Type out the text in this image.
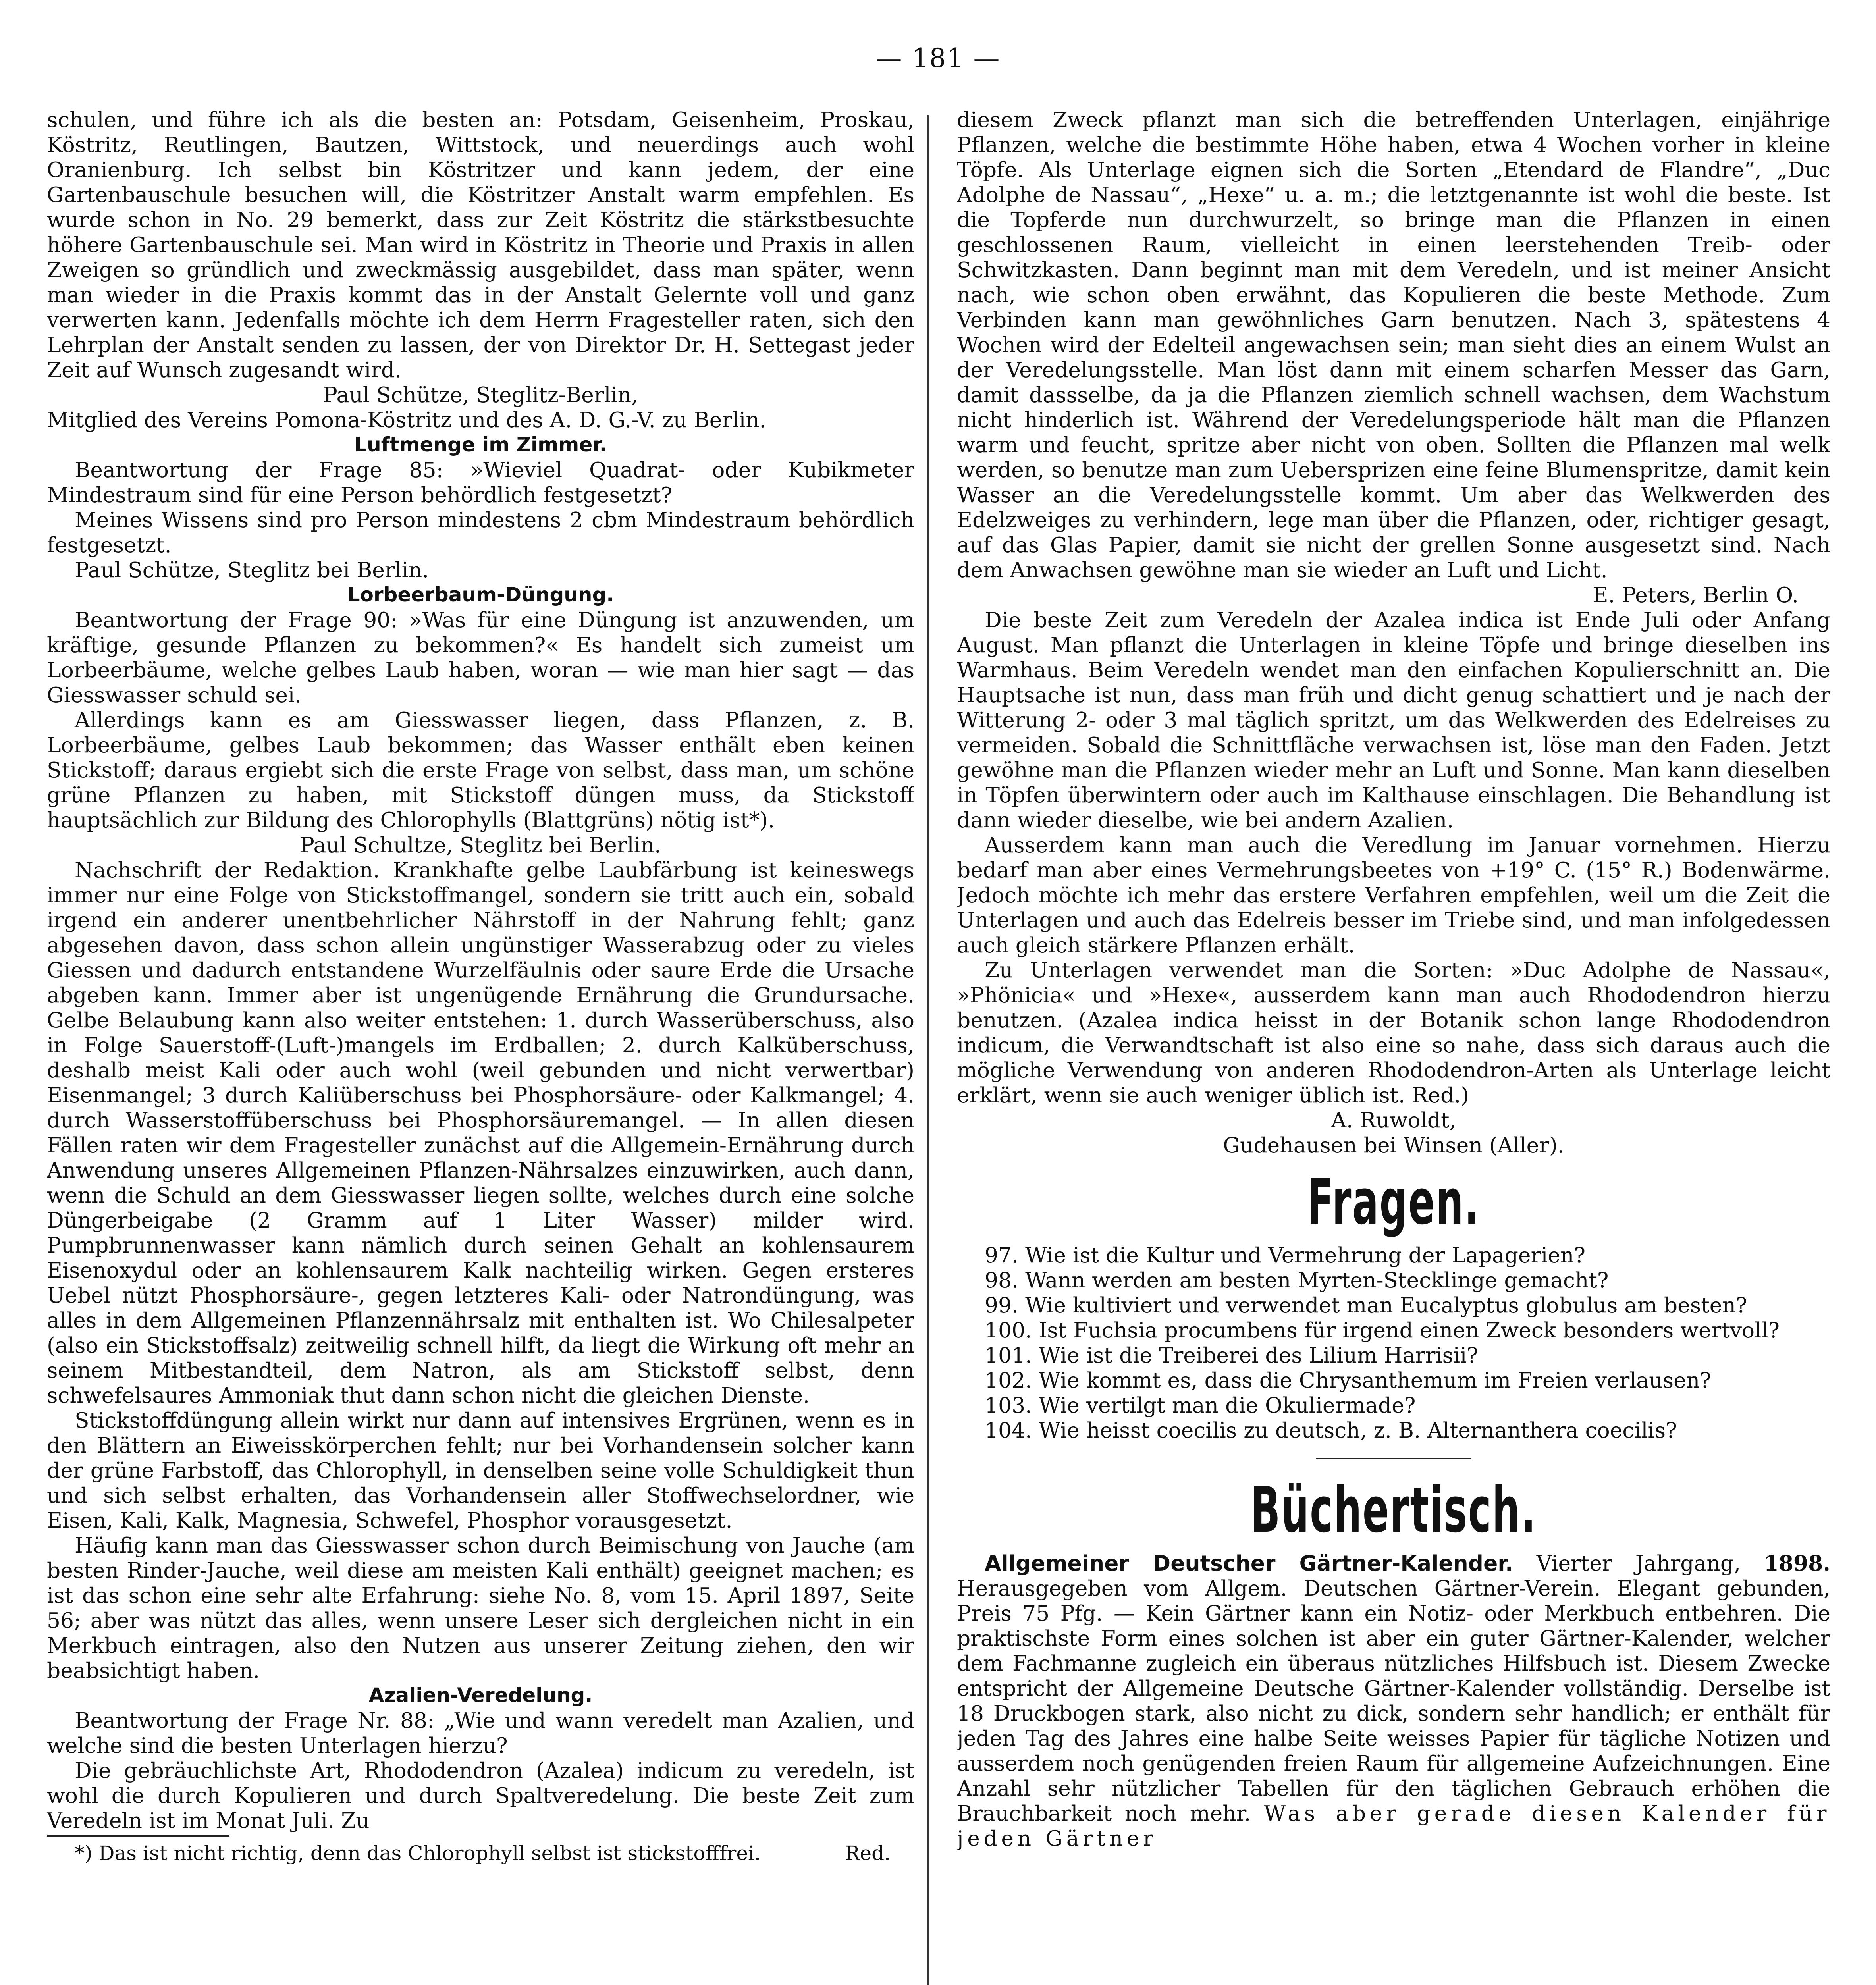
— 181 —

schulen, und führe ich als die besten an: Potsdam, Geisenheim, Proskau, Köstritz, Reutlingen, Bautzen, Wittstock, und neuerdings auch wohl Oranienburg. Ich selbst bin Köstritzer und kann jedem, der eine Gartenbauschule besuchen will, die Köstritzer Anstalt warm empfehlen. Es wurde schon in No. 29 bemerkt, dass zur Zeit Köstritz die stärkstbesuchte höhere Gartenbauschule sei. Man wird in Köstritz in Theorie und Praxis in allen Zweigen so gründlich und zweckmässig ausgebildet, dass man später, wenn man wieder in die Praxis kommt das in der Anstalt Gelernte voll und ganz verwerten kann. Jedenfalls möchte ich dem Herrn Fragesteller raten, sich den Lehrplan der Anstalt senden zu lassen, der von Direktor Dr. H. Settegast jeder Zeit auf Wunsch zugesandt wird.

Paul Schütze, Steglitz-Berlin,

Mitglied des Vereins Pomona-Köstritz und des A. D. G.-V. zu Berlin.

Luftmenge im Zimmer.

Beantwortung der Frage 85: »Wieviel Quadrat- oder Kubikmeter Mindestraum sind für eine Person behördlich festgesetzt?

Meines Wissens sind pro Person mindestens 2 cbm Mindestraum behördlich festgesetzt.

Paul Schütze, Steglitz bei Berlin.

Lorbeerbaum-Düngung.

Beantwortung der Frage 90: »Was für eine Düngung ist anzuwenden, um kräftige, gesunde Pflanzen zu bekommen?« Es handelt sich zumeist um Lorbeerbäume, welche gelbes Laub haben, woran — wie man hier sagt — das Giesswasser schuld sei.

Allerdings kann es am Giesswasser liegen, dass Pflanzen, z. B. Lorbeerbäume, gelbes Laub bekommen; das Wasser enthält eben keinen Stickstoff; daraus ergiebt sich die erste Frage von selbst, dass man, um schöne grüne Pflanzen zu haben, mit Stickstoff düngen muss, da Stickstoff hauptsächlich zur Bildung des Chlorophylls (Blattgrüns) nötig ist*).

Paul Schultze, Steglitz bei Berlin.

Nachschrift der Redaktion. Krankhafte gelbe Laubfärbung ist keineswegs immer nur eine Folge von Stickstoffmangel, sondern sie tritt auch ein, sobald irgend ein anderer unentbehrlicher Nährstoff in der Nahrung fehlt; ganz abgesehen davon, dass schon allein ungünstiger Wasserabzug oder zu vieles Giessen und dadurch entstandene Wurzelfäulnis oder saure Erde die Ursache abgeben kann. Immer aber ist ungenügende Ernährung die Grundursache. Gelbe Belaubung kann also weiter entstehen: 1. durch Wasserüberschuss, also in Folge Sauerstoff-(Luft-)mangels im Erdballen; 2. durch Kalküberschuss, deshalb meist Kali oder auch wohl (weil gebunden und nicht verwertbar) Eisenmangel; 3 durch Kaliüberschuss bei Phosphorsäure- oder Kalkmangel; 4. durch Wasserstoffüberschuss bei Phosphorsäuremangel. — In allen diesen Fällen raten wir dem Fragesteller zunächst auf die Allgemein-Ernährung durch Anwendung unseres Allgemeinen Pflanzen-Nährsalzes einzuwirken, auch dann, wenn die Schuld an dem Giesswasser liegen sollte, welches durch eine solche Düngerbeigabe (2 Gramm auf 1 Liter Wasser) milder wird. Pumpbrunnenwasser kann nämlich durch seinen Gehalt an kohlensaurem Eisenoxydul oder an kohlensaurem Kalk nachteilig wirken. Gegen ersteres Uebel nützt Phosphorsäure-, gegen letzteres Kali- oder Natrondüngung, was alles in dem Allgemeinen Pflanzennährsalz mit enthalten ist. Wo Chilesalpeter (also ein Stickstoffsalz) zeitweilig schnell hilft, da liegt die Wirkung oft mehr an seinem Mitbestandteil, dem Natron, als am Stickstoff selbst, denn schwefelsaures Ammoniak thut dann schon nicht die gleichen Dienste.

Stickstoffdüngung allein wirkt nur dann auf intensives Ergrünen, wenn es in den Blättern an Eiweisskörperchen fehlt; nur bei Vorhandensein solcher kann der grüne Farbstoff, das Chlorophyll, in denselben seine volle Schuldigkeit thun und sich selbst erhalten, das Vorhandensein aller Stoffwechselordner, wie Eisen, Kali, Kalk, Magnesia, Schwefel, Phosphor vorausgesetzt.

Häufig kann man das Giesswasser schon durch Beimischung von Jauche (am besten Rinder-Jauche, weil diese am meisten Kali enthält) geeignet machen; es ist das schon eine sehr alte Erfahrung: siehe No. 8, vom 15. April 1897, Seite 56; aber was nützt das alles, wenn unsere Leser sich dergleichen nicht in ein Merkbuch eintragen, also den Nutzen aus unserer Zeitung ziehen, den wir beabsichtigt haben.

Azalien-Veredelung.

Beantwortung der Frage Nr. 88: „Wie und wann veredelt man Azalien, und welche sind die besten Unterlagen hierzu?

Die gebräuchlichste Art, Rhododendron (Azalea) indicum zu veredeln, ist wohl die durch Kopulieren und durch Spaltveredelung. Die beste Zeit zum Veredeln ist im Monat Juli. Zu

*) Das ist nicht richtig, denn das Chlorophyll selbst ist stickstofffrei.	Red.

diesem Zweck pflanzt man sich die betreffenden Unterlagen, einjährige Pflanzen, welche die bestimmte Höhe haben, etwa 4 Wochen vorher in kleine Töpfe. Als Unterlage eignen sich die Sorten „Etendard de Flandre“, „Duc Adolphe de Nassau“, „Hexe“ u. a. m.; die letztgenannte ist wohl die beste. Ist die Topferde nun durchwurzelt, so bringe man die Pflanzen in einen geschlossenen Raum, vielleicht in einen leerstehenden Treib- oder Schwitzkasten. Dann beginnt man mit dem Veredeln, und ist meiner Ansicht nach, wie schon oben erwähnt, das Kopulieren die beste Methode. Zum Verbinden kann man gewöhnliches Garn benutzen. Nach 3, spätestens 4 Wochen wird der Edelteil angewachsen sein; man sieht dies an einem Wulst an der Veredelungsstelle. Man löst dann mit einem scharfen Messer das Garn, damit dassselbe, da ja die Pflanzen ziemlich schnell wachsen, dem Wachstum nicht hinderlich ist. Während der Veredelungsperiode hält man die Pflanzen warm und feucht, spritze aber nicht von oben. Sollten die Pflanzen mal welk werden, so benutze man zum Uebersprizen eine feine Blumenspritze, damit kein Wasser an die Veredelungsstelle kommt. Um aber das Welkwerden des Edelzweiges zu verhindern, lege man über die Pflanzen, oder, richtiger gesagt, auf das Glas Papier, damit sie nicht der grellen Sonne ausgesetzt sind. Nach dem Anwachsen gewöhne man sie wieder an Luft und Licht.

E. Peters, Berlin O.

Die beste Zeit zum Veredeln der Azalea indica ist Ende Juli oder Anfang August. Man pflanzt die Unterlagen in kleine Töpfe und bringe dieselben ins Warmhaus. Beim Veredeln wendet man den einfachen Kopulierschnitt an. Die Hauptsache ist nun, dass man früh und dicht genug schattiert und je nach der Witterung 2- oder 3 mal täglich spritzt, um das Welkwerden des Edelreises zu vermeiden. Sobald die Schnittfläche verwachsen ist, löse man den Faden. Jetzt gewöhne man die Pflanzen wieder mehr an Luft und Sonne. Man kann dieselben in Töpfen überwintern oder auch im Kalthause einschlagen. Die Behandlung ist dann wieder dieselbe, wie bei andern Azalien.

Ausserdem kann man auch die Veredlung im Januar vornehmen. Hierzu bedarf man aber eines Vermehrungsbeetes von +19° C. (15° R.) Bodenwärme. Jedoch möchte ich mehr das erstere Verfahren empfehlen, weil um die Zeit die Unterlagen und auch das Edelreis besser im Triebe sind, und man infolgedessen auch gleich stärkere Pflanzen erhält.

Zu Unterlagen verwendet man die Sorten: »Duc Adolphe de Nassau«, »Phönicia« und »Hexe«, ausserdem kann man auch Rhododendron hierzu benutzen. (Azalea indica heisst in der Botanik schon lange Rhododendron indicum, die Verwandtschaft ist also eine so nahe, dass sich daraus auch die mögliche Verwendung von anderen Rhododendron-Arten als Unterlage leicht erklärt, wenn sie auch weniger üblich ist. Red.)

A. Ruwoldt,

Gudehausen bei Winsen (Aller).

Fragen.

97. Wie ist die Kultur und Vermehrung der Lapagerien?

98. Wann werden am besten Myrten-Stecklinge gemacht?

99. Wie kultiviert und verwendet man Eucalyptus globulus am besten?

100. Ist Fuchsia procumbens für irgend einen Zweck besonders wertvoll?

101. Wie ist die Treiberei des Lilium Harrisii?

102. Wie kommt es, dass die Chrysanthemum im Freien verlausen?

103. Wie vertilgt man die Okuliermade?

104. Wie heisst coecilis zu deutsch, z. B. Alternanthera coecilis?

Büchertisch.

Allgemeiner Deutscher Gärtner-Kalender. Vierter Jahrgang, 1898. Herausgegeben vom Allgem. Deutschen Gärtner-Verein. Elegant gebunden, Preis 75 Pfg. — Kein Gärtner kann ein Notiz- oder Merkbuch entbehren. Die praktischste Form eines solchen ist aber ein guter Gärtner-Kalender, welcher dem Fachmanne zugleich ein überaus nützliches Hilfsbuch ist. Diesem Zwecke entspricht der Allgemeine Deutsche Gärtner-Kalender vollständig. Derselbe ist 18 Druckbogen stark, also nicht zu dick, sondern sehr handlich; er enthält für jeden Tag des Jahres eine halbe Seite weisses Papier für tägliche Notizen und ausserdem noch genügenden freien Raum für allgemeine Aufzeichnungen. Eine Anzahl sehr nützlicher Tabellen für den täglichen Gebrauch erhöhen die Brauchbarkeit noch mehr. Was aber gerade diesen Kalender für jeden Gärtner
